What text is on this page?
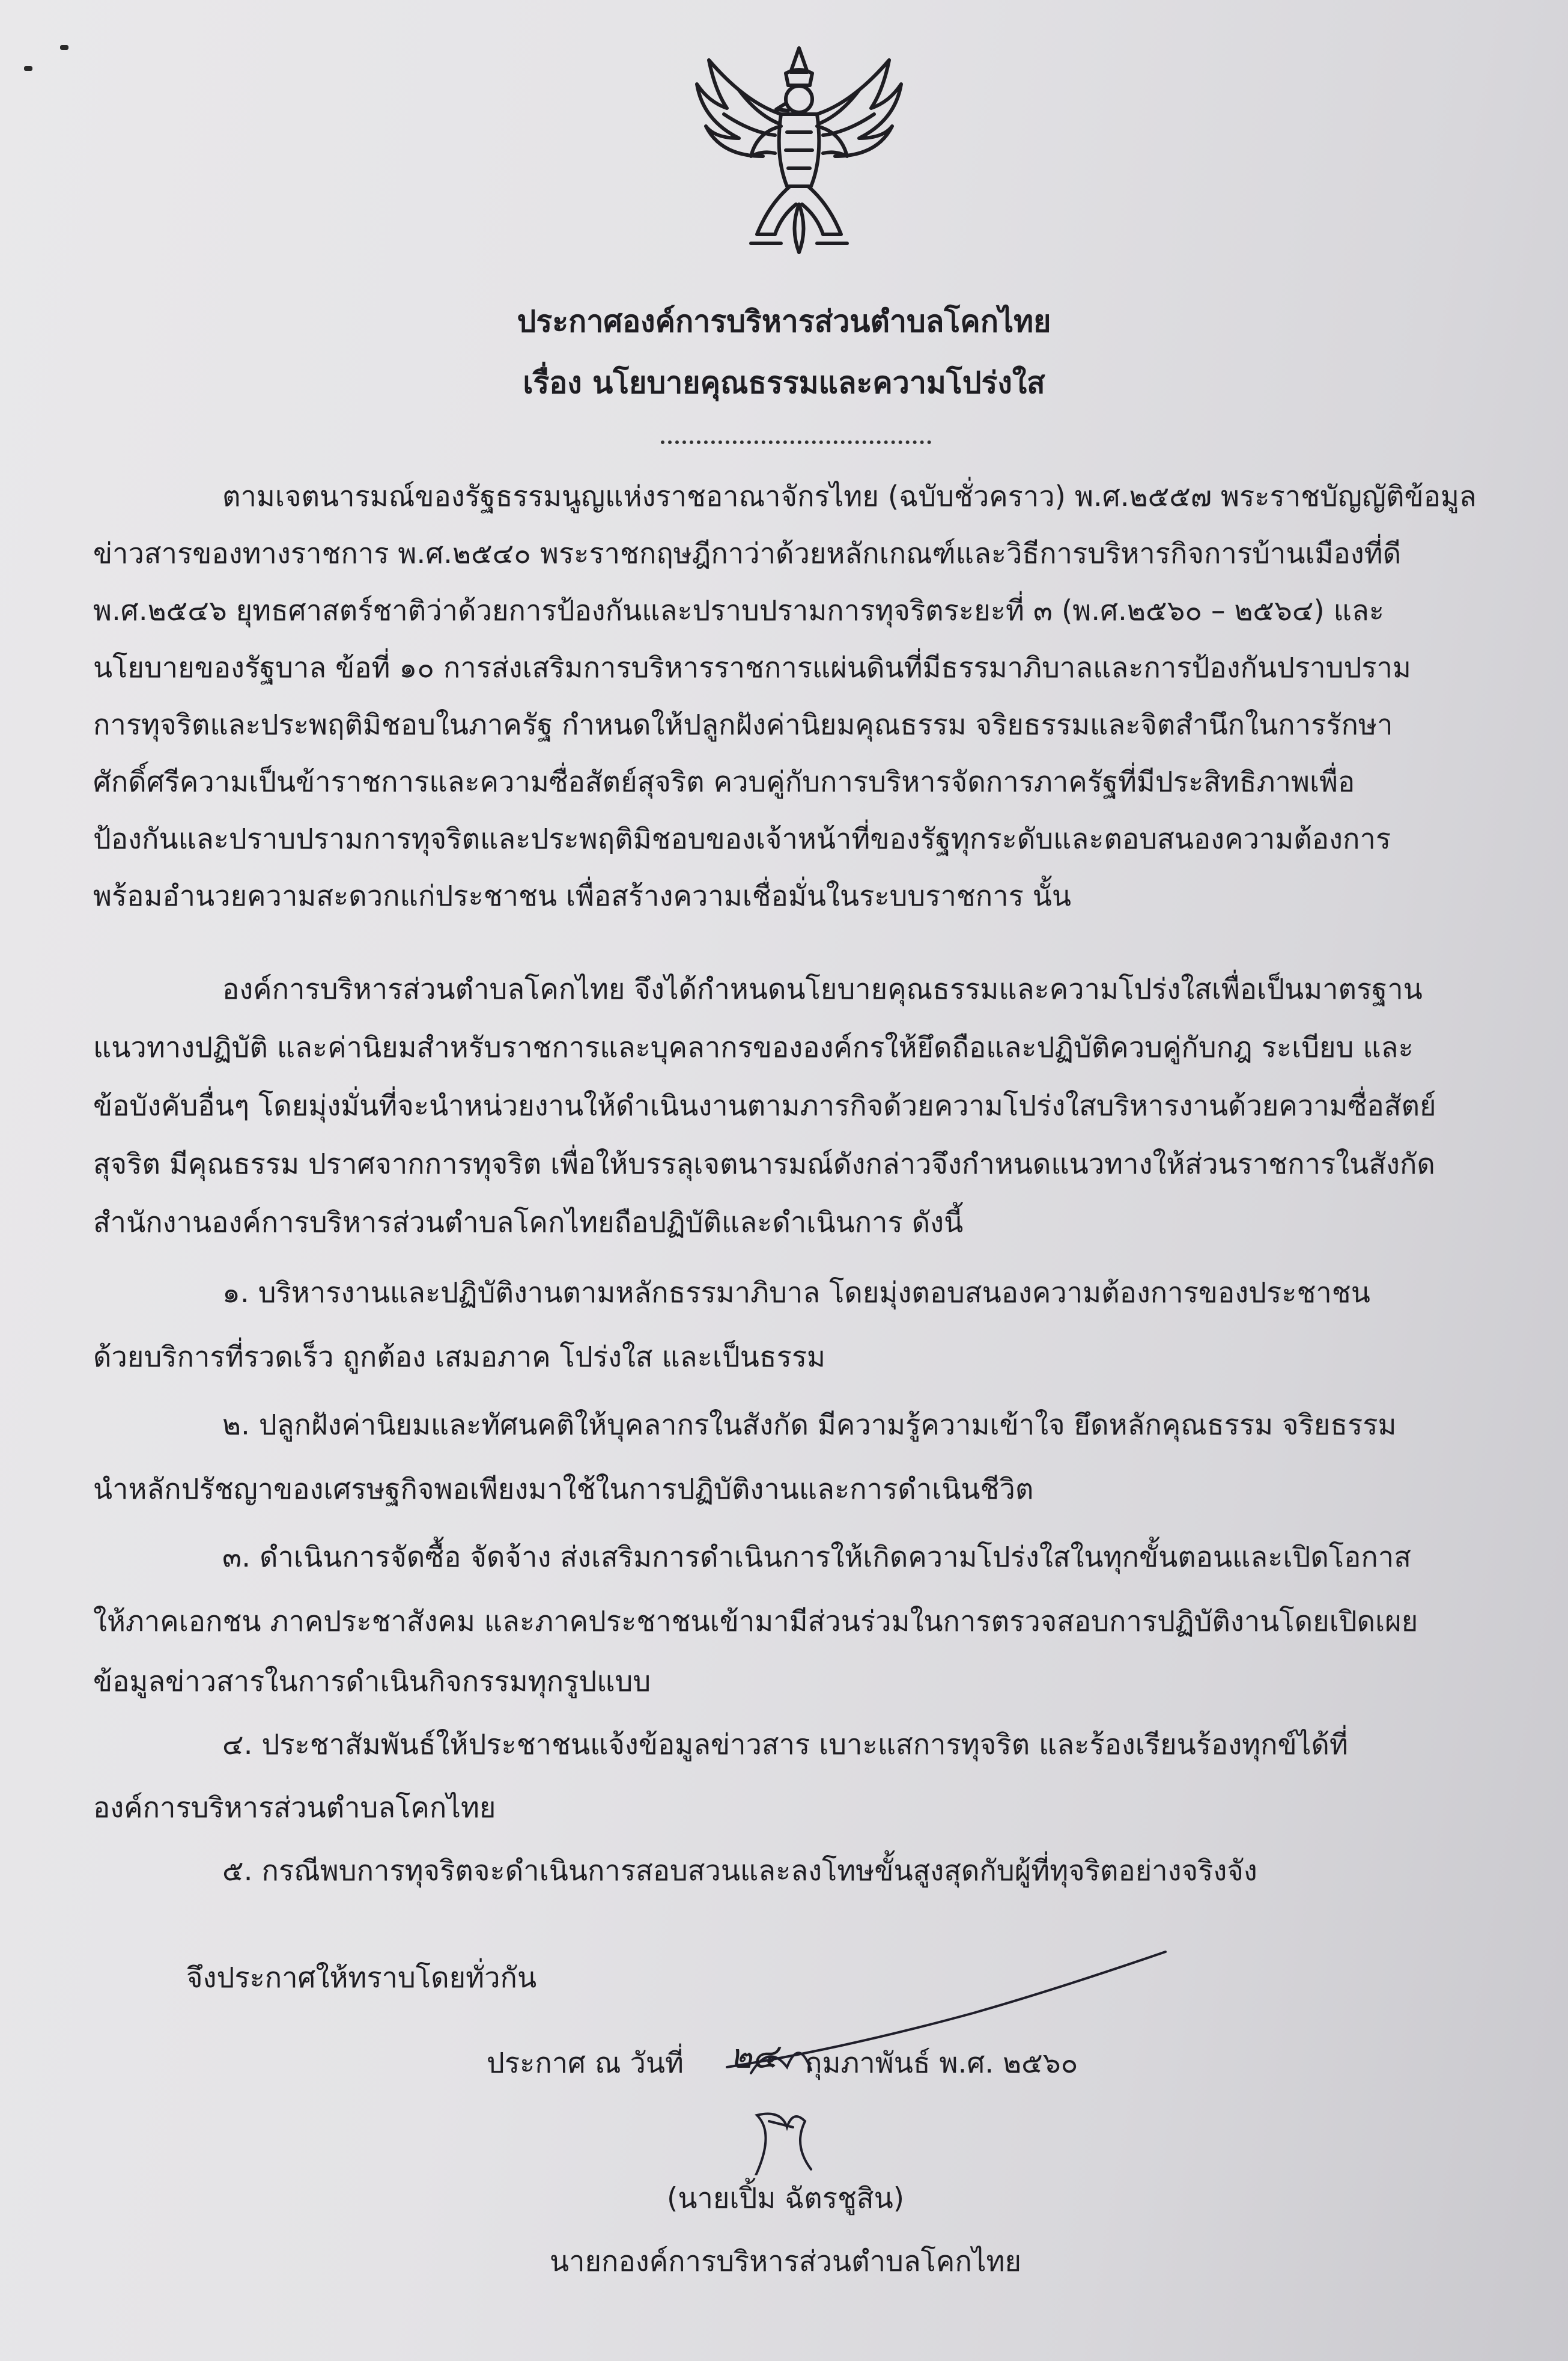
ประกาศองค์การบริหารส่วนตำบลโคกไทย
เรื่อง นโยบายคุณธรรมและความโปร่งใส
ตามเจตนารมณ์ของรัฐธรรมนูญแห่งราชอาณาจักรไทย (ฉบับชั่วคราว) พ.ศ.๒๕๕๗ พระราชบัญญัติข้อมูล
ข่าวสารของทางราชการ พ.ศ.๒๕๔๐ พระราชกฤษฎีกาว่าด้วยหลักเกณฑ์และวิธีการบริหารกิจการบ้านเมืองที่ดี
พ.ศ.๒๕๔๖ ยุทธศาสตร์ชาติว่าด้วยการป้องกันและปราบปรามการทุจริตระยะที่ ๓ (พ.ศ.๒๕๖๐ – ๒๕๖๔) และ
นโยบายของรัฐบาล ข้อที่ ๑๐ การส่งเสริมการบริหารราชการแผ่นดินที่มีธรรมาภิบาลและการป้องกันปราบปราม
การทุจริตและประพฤติมิชอบในภาครัฐ กำหนดให้ปลูกฝังค่านิยมคุณธรรม จริยธรรมและจิตสำนึกในการรักษา
ศักดิ์ศรีความเป็นข้าราชการและความซื่อสัตย์สุจริต ควบคู่กับการบริหารจัดการภาครัฐที่มีประสิทธิภาพเพื่อ
ป้องกันและปราบปรามการทุจริตและประพฤติมิชอบของเจ้าหน้าที่ของรัฐทุกระดับและตอบสนองความต้องการ
พร้อมอำนวยความสะดวกแก่ประชาชน เพื่อสร้างความเชื่อมั่นในระบบราชการ นั้น
องค์การบริหารส่วนตำบลโคกไทย จึงได้กำหนดนโยบายคุณธรรมและความโปร่งใสเพื่อเป็นมาตรฐาน
แนวทางปฏิบัติ และค่านิยมสำหรับราชการและบุคลากรขององค์กรให้ยึดถือและปฏิบัติควบคู่กับกฎ ระเบียบ และ
ข้อบังคับอื่นๆ โดยมุ่งมั่นที่จะนำหน่วยงานให้ดำเนินงานตามภารกิจด้วยความโปร่งใสบริหารงานด้วยความซื่อสัตย์
สุจริต มีคุณธรรม ปราศจากการทุจริต เพื่อให้บรรลุเจตนารมณ์ดังกล่าวจึงกำหนดแนวทางให้ส่วนราชการในสังกัด
สำนักงานองค์การบริหารส่วนตำบลโคกไทยถือปฏิบัติและดำเนินการ ดังนี้
๑. บริหารงานและปฏิบัติงานตามหลักธรรมาภิบาล โดยมุ่งตอบสนองความต้องการของประชาชน
ด้วยบริการที่รวดเร็ว ถูกต้อง เสมอภาค โปร่งใส และเป็นธรรม
๒. ปลูกฝังค่านิยมและทัศนคติให้บุคลากรในสังกัด มีความรู้ความเข้าใจ ยึดหลักคุณธรรม จริยธรรม
นำหลักปรัชญาของเศรษฐกิจพอเพียงมาใช้ในการปฏิบัติงานและการดำเนินชีวิต
๓. ดำเนินการจัดซื้อ จัดจ้าง ส่งเสริมการดำเนินการให้เกิดความโปร่งใสในทุกขั้นตอนและเปิดโอกาส
ให้ภาคเอกชน ภาคประชาสังคม และภาคประชาชนเข้ามามีส่วนร่วมในการตรวจสอบการปฏิบัติงานโดยเปิดเผย
ข้อมูลข่าวสารในการดำเนินกิจกรรมทุกรูปแบบ
๔. ประชาสัมพันธ์ให้ประชาชนแจ้งข้อมูลข่าวสาร เบาะแสการทุจริต และร้องเรียนร้องทุกข์ได้ที่
องค์การบริหารส่วนตำบลโคกไทย
๕. กรณีพบการทุจริตจะดำเนินการสอบสวนและลงโทษขั้นสูงสุดกับผู้ที่ทุจริตอย่างจริงจัง
จึงประกาศให้ทราบโดยทั่วกัน
ประกาศ ณ วันที่ ๒๔ กุมภาพันธ์ พ.ศ. ๒๕๖๐
(นายเปิ้ม ฉัตรชูสิน)
นายกองค์การบริหารส่วนตำบลโคกไทย
